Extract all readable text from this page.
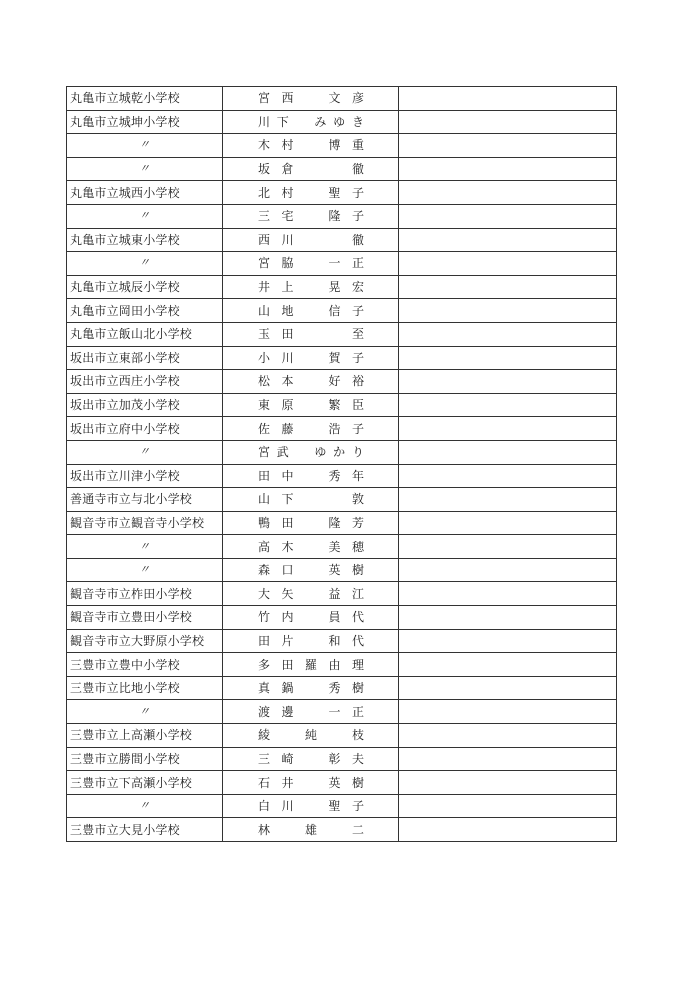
丸亀市立城乾小学校	宮 西 文 彦	

丸亀市立城坤小学校	川 下 み ゆ き	

〃	木 村 博 重	

〃	坂 倉 徹	

丸亀市立城西小学校	北 村 聖 子	

〃	三 宅 隆 子	

丸亀市立城東小学校	西 川 徹	

〃	宮 脇 一 正	

丸亀市立城辰小学校	井 上 晃 宏	

丸亀市立岡田小学校	山 地 信 子	

丸亀市立飯山北小学校	玉 田 至	

坂出市立東部小学校	小 川 賀 子	

坂出市立西庄小学校	松 本 好 裕	

坂出市立加茂小学校	東 原 繁 臣	

坂出市立府中小学校	佐 藤 浩 子	

〃	宮 武 ゆ か り	

坂出市立川津小学校	田 中 秀 年	

善通寺市立与北小学校	山 下 敦	

観音寺市立観音寺小学校	鴨 田 隆 芳	

〃	高 木 美 穂	

〃	森 口 英 樹	

観音寺市立柞田小学校	大 矢 益 江	

観音寺市立豊田小学校	竹 内 員 代	

観音寺市立大野原小学校	田 片 和 代	

三豊市立豊中小学校	多 田 羅 由 理	

三豊市立比地小学校	真 鍋 秀 樹	

〃	渡 邊 一 正	

三豊市立上高瀬小学校	綾 純 枝	

三豊市立勝間小学校	三 崎 彰 夫	

三豊市立下高瀬小学校	石 井 英 樹	

〃	白 川 聖 子	

三豊市立大見小学校	林 雄 二	
